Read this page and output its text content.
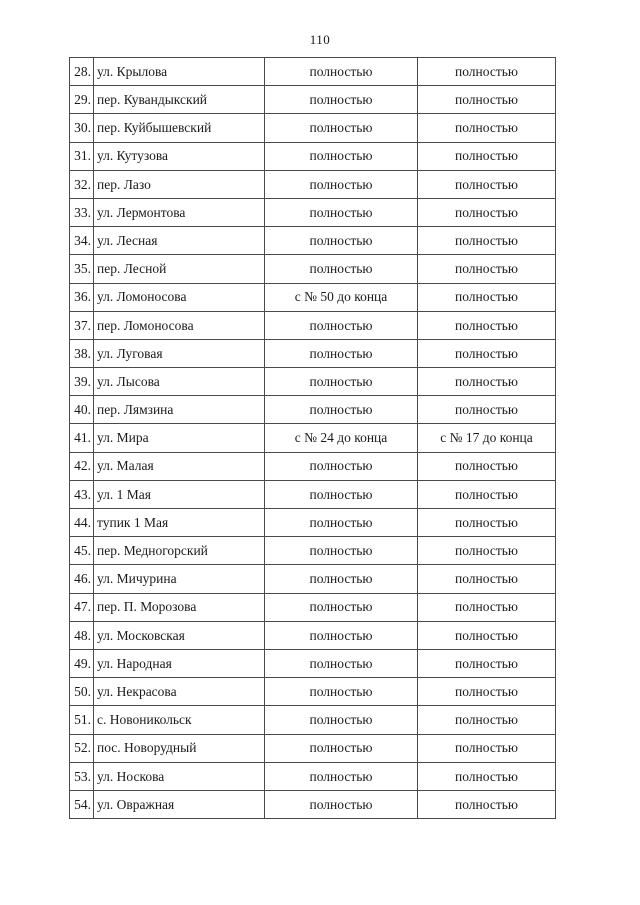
110
28.	ул. Крылова	полностью	полностью
29.	пер. Кувандыкский	полностью	полностью
30.	пер. Куйбышевский	полностью	полностью
31.	ул. Кутузова	полностью	полностью
32.	пер. Лазо	полностью	полностью
33.	ул. Лермонтова	полностью	полностью
34.	ул. Лесная	полностью	полностью
35.	пер. Лесной	полностью	полностью
36.	ул. Ломоносова	с № 50 до конца	полностью
37.	пер. Ломоносова	полностью	полностью
38.	ул. Луговая	полностью	полностью
39.	ул. Лысова	полностью	полностью
40.	пер. Лямзина	полностью	полностью
41.	ул. Мира	с № 24 до конца	с № 17 до конца
42.	ул. Малая	полностью	полностью
43.	ул. 1 Мая	полностью	полностью
44.	тупик 1 Мая	полностью	полностью
45.	пер. Медногорский	полностью	полностью
46.	ул. Мичурина	полностью	полностью
47.	пер. П. Морозова	полностью	полностью
48.	ул. Московская	полностью	полностью
49.	ул. Народная	полностью	полностью
50.	ул. Некрасова	полностью	полностью
51.	с. Новоникольск	полностью	полностью
52.	пос. Новорудный	полностью	полностью
53.	ул. Носкова	полностью	полностью
54.	ул. Овражная	полностью	полностью
